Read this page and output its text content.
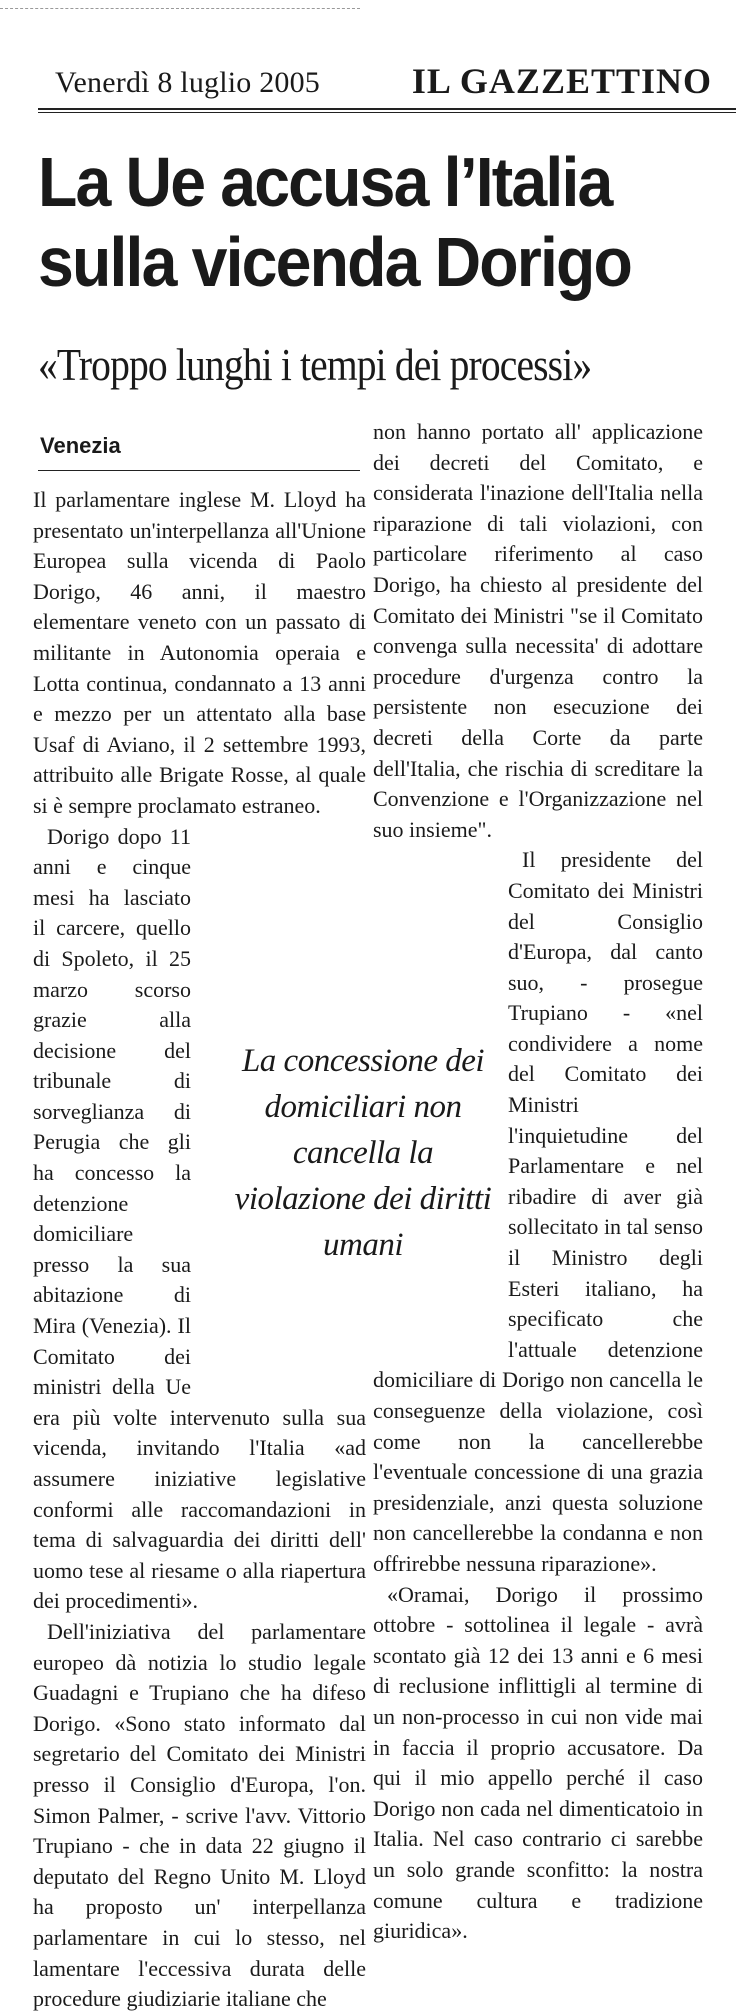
Venerdì 8 luglio 2005	IL GAZZETTINO
La Ue accusa l’Italia sulla vicenda Dorigo
«Troppo lunghi i tempi dei processi»
Venezia

Il parlamentare inglese M. Lloyd ha presentato un'interpellanza all'Unione Europea sulla vicenda di Paolo Dorigo, 46 anni, il maestro elementare veneto con un passato di militante in Autonomia operaia e Lotta continua, condannato a 13 anni e mezzo per un attentato alla base Usaf di Aviano, il 2 settembre 1993, attribuito alle Brigate Rosse, al quale si è sempre proclamato estraneo.

Dorigo dopo 11 anni e cinque mesi ha lasciato il carcere, quello di Spoleto, il 25 marzo scorso grazie alla decisione del tribunale di sorveglianza di Perugia che gli ha concesso la detenzione domiciliare presso la sua abitazione di Mira (Venezia). Il Comitato dei ministri della Ue era più volte intervenuto sulla sua vicenda, invitando l'Italia «ad assumere iniziative legislative conformi alle raccomandazioni in tema di salvaguardia dei diritti dell' uomo tese al riesame o alla riapertura dei procedimenti».

Dell'iniziativa del parlamentare europeo dà notizia lo studio legale Guadagni e Trupiano che ha difeso Dorigo. «Sono stato informato dal segretario del Comitato dei Ministri presso il Consiglio d'Europa, l'on. Simon Palmer, - scrive l'avv. Vittorio Trupiano - che in data 22 giugno il deputato del Regno Unito M. Lloyd ha proposto un' interpellanza parlamentare in cui lo stesso, nel lamentare l'eccessiva durata delle procedure giudiziarie italiane che

non hanno portato all' applicazione dei decreti del Comitato, e considerata l'inazione dell'Italia nella riparazione di tali violazioni, con particolare riferimento al caso Dorigo, ha chiesto al presidente del Comitato dei Ministri "se il Comitato convenga sulla necessita' di adottare procedure d'urgenza contro la persistente non esecuzione dei decreti della Corte da parte dell'Italia, che rischia di screditare la Convenzione e l'Organizzazione nel suo insieme".

Il presidente del Comitato dei Ministri del Consiglio d'Europa, dal canto suo, - prosegue Trupiano - «nel condividere a nome del Comitato dei Ministri l'inquietudine del Parlamentare e nel ribadire di aver già sollecitato in tal senso il Ministro degli Esteri italiano, ha specificato che l'attuale detenzione domiciliare di Dorigo non cancella le conseguenze della violazione, così come non la cancellerebbe l'eventuale concessione di una grazia presidenziale, anzi questa soluzione non cancellerebbe la condanna e non offrirebbe nessuna riparazione».

«Oramai, Dorigo il prossimo ottobre - sottolinea il legale - avrà scontato già 12 dei 13 anni e 6 mesi di reclusione inflittigli al termine di un non-processo in cui non vide mai in faccia il proprio accusatore. Da qui il mio appello perché il caso Dorigo non cada nel dimenticatoio in Italia. Nel caso contrario ci sarebbe un solo grande sconfitto: la nostra comune cultura e tradizione giuridica».

La concessione dei domiciliari non cancella la violazione dei diritti umani
